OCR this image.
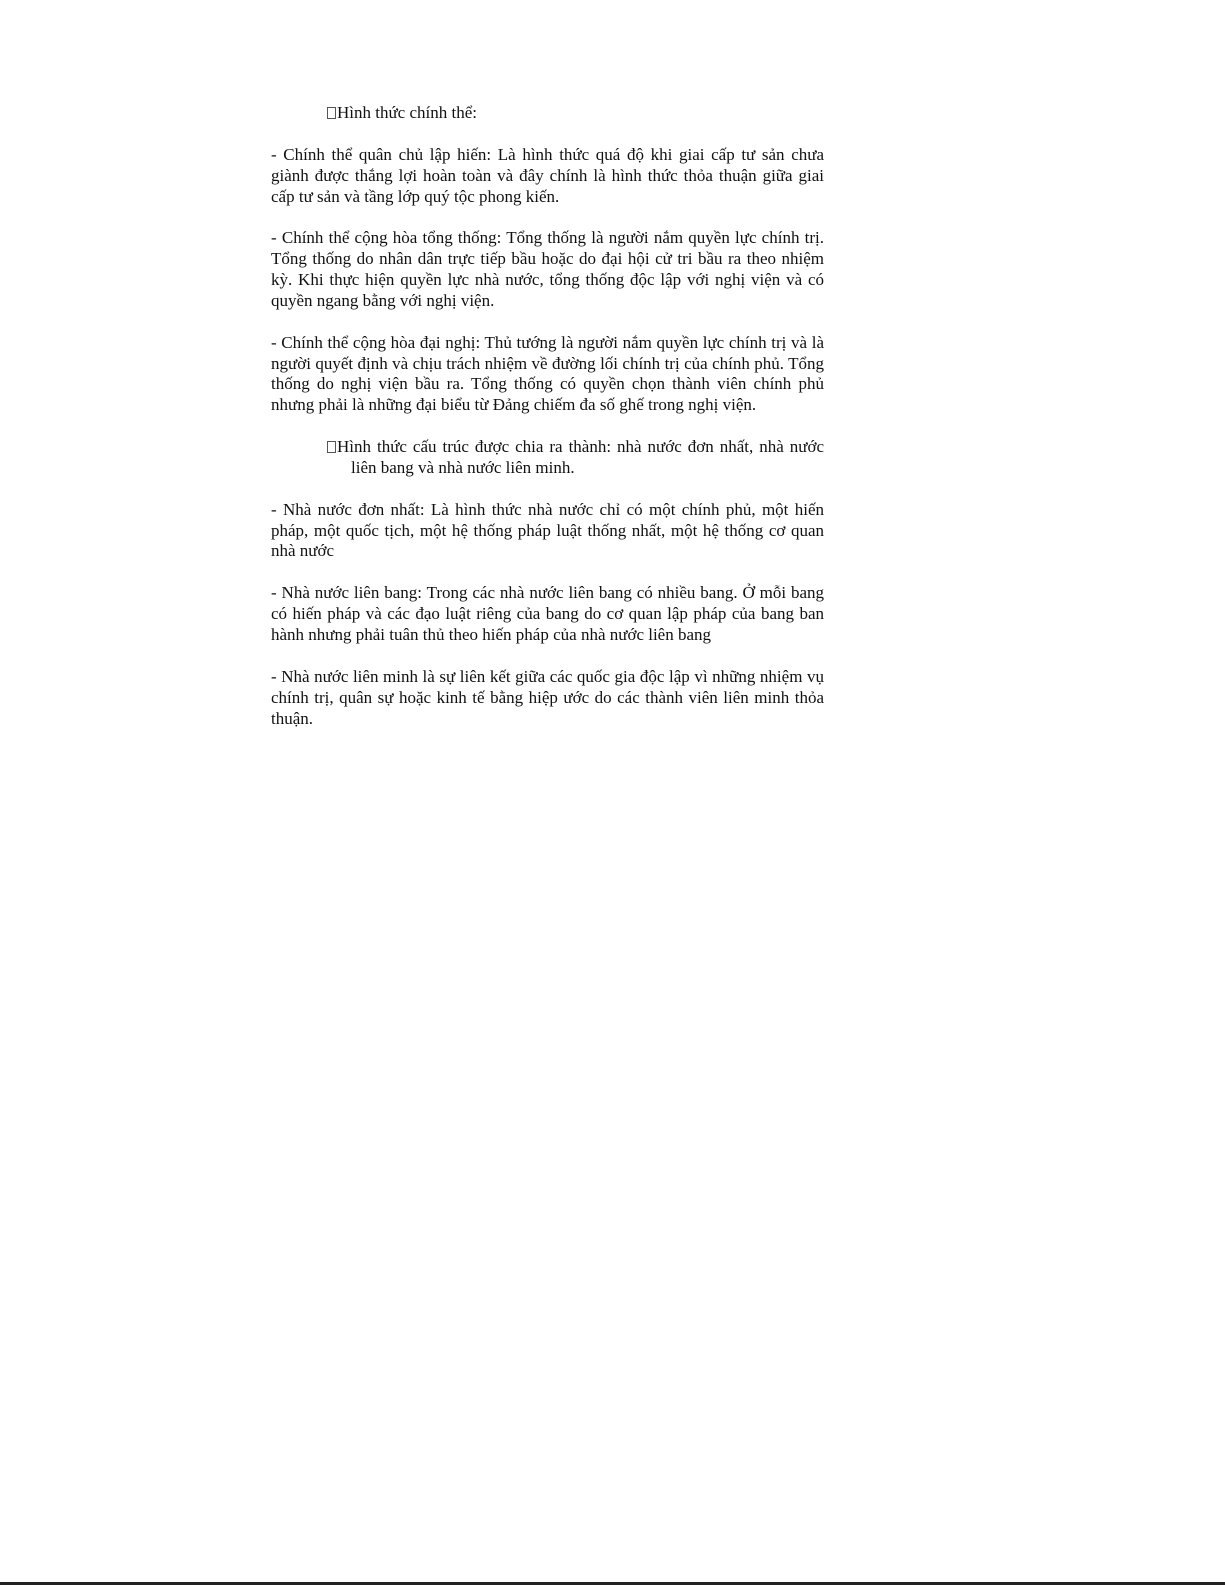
Hình thức chính thể:

- Chính thể quân chủ lập hiến: Là hình thức quá độ khi giai cấp tư sản chưa giành được thắng lợi hoàn toàn và đây chính là hình thức thỏa thuận giữa giai cấp tư sản và tầng lớp quý tộc phong kiến.

- Chính thể cộng hòa tổng thống: Tổng thống là người nắm quyền lực chính trị. Tổng thống do nhân dân trực tiếp bầu hoặc do đại hội cử tri bầu ra theo nhiệm kỳ. Khi thực hiện quyền lực nhà nước, tổng thống độc lập với nghị viện và có quyền ngang bằng với nghị viện.

- Chính thể cộng hòa đại nghị: Thủ tướng là người nắm quyền lực chính trị và là người quyết định và chịu trách nhiệm về đường lối chính trị của chính phủ. Tổng thống do nghị viện bầu ra. Tổng thống có quyền chọn thành viên chính phủ nhưng phải là những đại biểu từ Đảng chiếm đa số ghế trong nghị viện.

Hình thức cấu trúc được chia ra thành: nhà nước đơn nhất, nhà nước liên bang và nhà nước liên minh.

- Nhà nước đơn nhất: Là hình thức nhà nước chỉ có một chính phủ, một hiến pháp, một quốc tịch, một hệ thống pháp luật thống nhất, một hệ thống cơ quan nhà nước

- Nhà nước liên bang: Trong các nhà nước liên bang có nhiều bang. Ở mỗi bang có hiến pháp và các đạo luật riêng của bang do cơ quan lập pháp của bang ban hành nhưng phải tuân thủ theo hiến pháp của nhà nước liên bang

- Nhà nước liên minh là sự liên kết giữa các quốc gia độc lập vì những nhiệm vụ chính trị, quân sự hoặc kinh tế bằng hiệp ước do các thành viên liên minh thỏa thuận.
